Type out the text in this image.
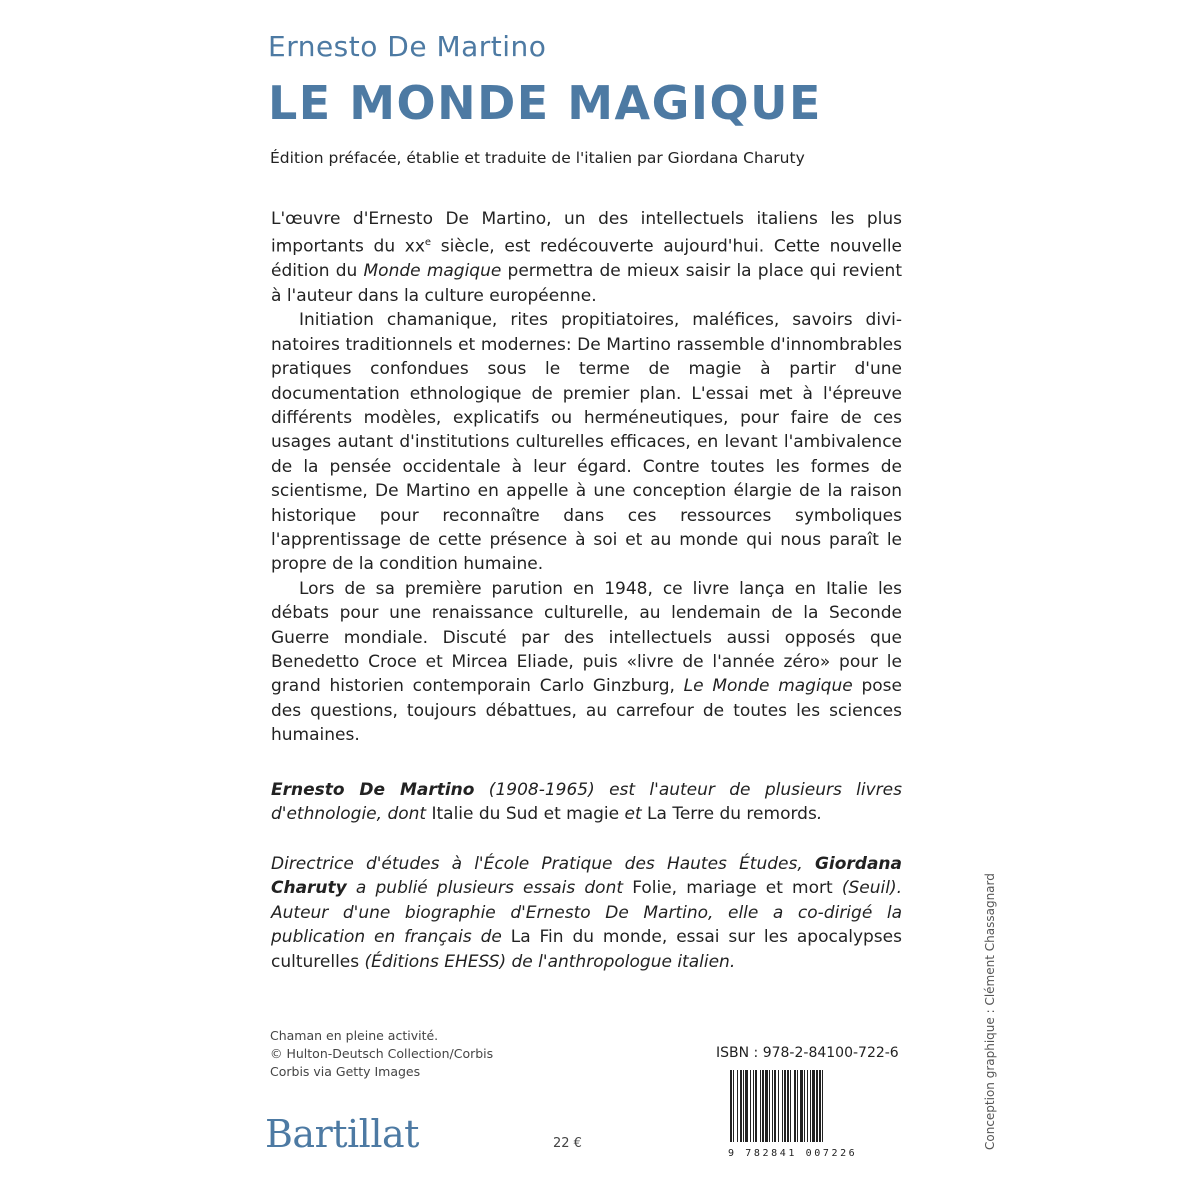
Ernesto De Martino
LE MONDE MAGIQUE
Édition préfacée, établie et traduite de l'italien par Giordana Charuty

L'œuvre d'Ernesto De Martino, un des intellectuels italiens les plus importants du $xx^e$ siècle, est redécouverte aujourd'hui. Cette nouvelle édition du Monde magique permettra de mieux saisir la place qui revient à l'auteur dans la culture européenne.

Initiation chamanique, rites propitiatoires, maléfices, savoirs divinatoires traditionnels et modernes: De Martino rassemble d'innombrables pratiques confondues sous le terme de magie à partir d'une documentation ethnologique de premier plan. L'essai met à l'épreuve différents modèles, explicatifs ou herméneutiques, pour faire de ces usages autant d'institutions culturelles efficaces, en levant l'ambivalence de la pensée occidentale à leur égard. Contre toutes les formes de scientisme, De Martino en appelle à une conception élargie de la raison historique pour reconnaître dans ces ressources symboliques l'apprentissage de cette présence à soi et au monde qui nous paraît le propre de la condition humaine.

Lors de sa première parution en 1948, ce livre lança en Italie les débats pour une renaissance culturelle, au lendemain de la Seconde Guerre mondiale. Discuté par des intellectuels aussi opposés que Benedetto Croce et Mircea Eliade, puis «livre de l'année zéro» pour le grand historien contemporain Carlo Ginzburg, Le Monde magique pose des questions, toujours débattues, au carrefour de toutes les sciences humaines.

Ernesto De Martino (1908-1965) est l'auteur de plusieurs livres d'ethnologie, dont Italie du Sud et magie et La Terre du remords.

Directrice d'études à l'École Pratique des Hautes Études, Giordana Charuty a publié plusieurs essais dont Folie, mariage et mort (Seuil). Auteur d'une biographie d'Ernesto De Martino, elle a co-dirigé la publication en français de La Fin du monde, essai sur les apocalypses culturelles (Éditions EHESS) de l'anthropologue italien.

Chaman en pleine activité.
© Hulton-Deutsch Collection/Corbis
Corbis via Getty Images
Bartillat	22 €
ISBN : 978-2-84100-722-6
9 782841 007226
Conception graphique : Clément Chassagnard
